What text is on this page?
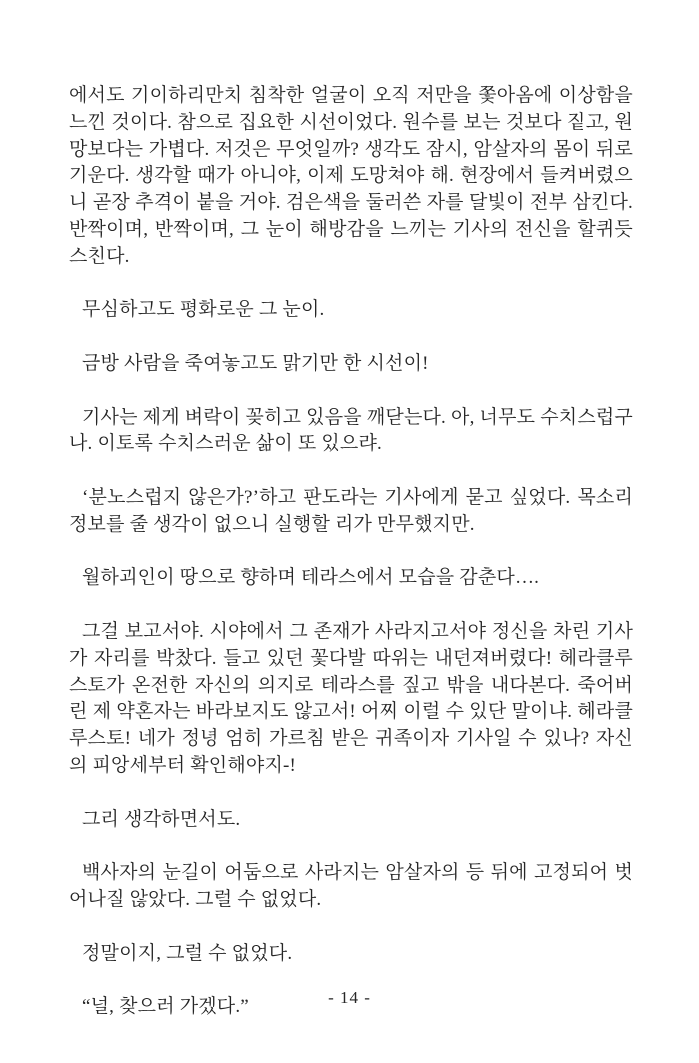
에서도 기이하리만치 침착한 얼굴이 오직 저만을 쫓아옴에 이상함을 느낀 것이다. 참으로 집요한 시선이었다. 원수를 보는 것보다 짙고, 원망보다는 가볍다. 저것은 무엇일까? 생각도 잠시, 암살자의 몸이 뒤로 기운다. 생각할 때가 아니야, 이제 도망쳐야 해. 현장에서 들켜버렸으니 곧장 추격이 붙을 거야. 검은색을 둘러쓴 자를 달빛이 전부 삼킨다. 반짝이며, 반짝이며, 그 눈이 해방감을 느끼는 기사의 전신을 할퀴듯 스친다.

무심하고도 평화로운 그 눈이.

금방 사람을 죽여놓고도 맑기만 한 시선이!

기사는 제게 벼락이 꽂히고 있음을 깨닫는다. 아, 너무도 수치스럽구나. 이토록 수치스러운 삶이 또 있으랴.

‘분노스럽지 않은가?’하고 판도라는 기사에게 묻고 싶었다. 목소리 정보를 줄 생각이 없으니 실행할 리가 만무했지만.

월하괴인이 땅으로 향하며 테라스에서 모습을 감춘다….

그걸 보고서야. 시야에서 그 존재가 사라지고서야 정신을 차린 기사가 자리를 박찼다. 들고 있던 꽃다발 따위는 내던져버렸다! 헤라클루스토가 온전한 자신의 의지로 테라스를 짚고 밖을 내다본다. 죽어버린 제 약혼자는 바라보지도 않고서! 어찌 이럴 수 있단 말이냐. 헤라클루스토! 네가 정녕 엄히 가르침 받은 귀족이자 기사일 수 있나? 자신의 피앙세부터 확인해야지-!

그리 생각하면서도.

백사자의 눈길이 어둠으로 사라지는 암살자의 등 뒤에 고정되어 벗어나질 않았다. 그럴 수 없었다.

정말이지, 그럴 수 없었다.

“널, 찾으러 가겠다.”	- 14 -
